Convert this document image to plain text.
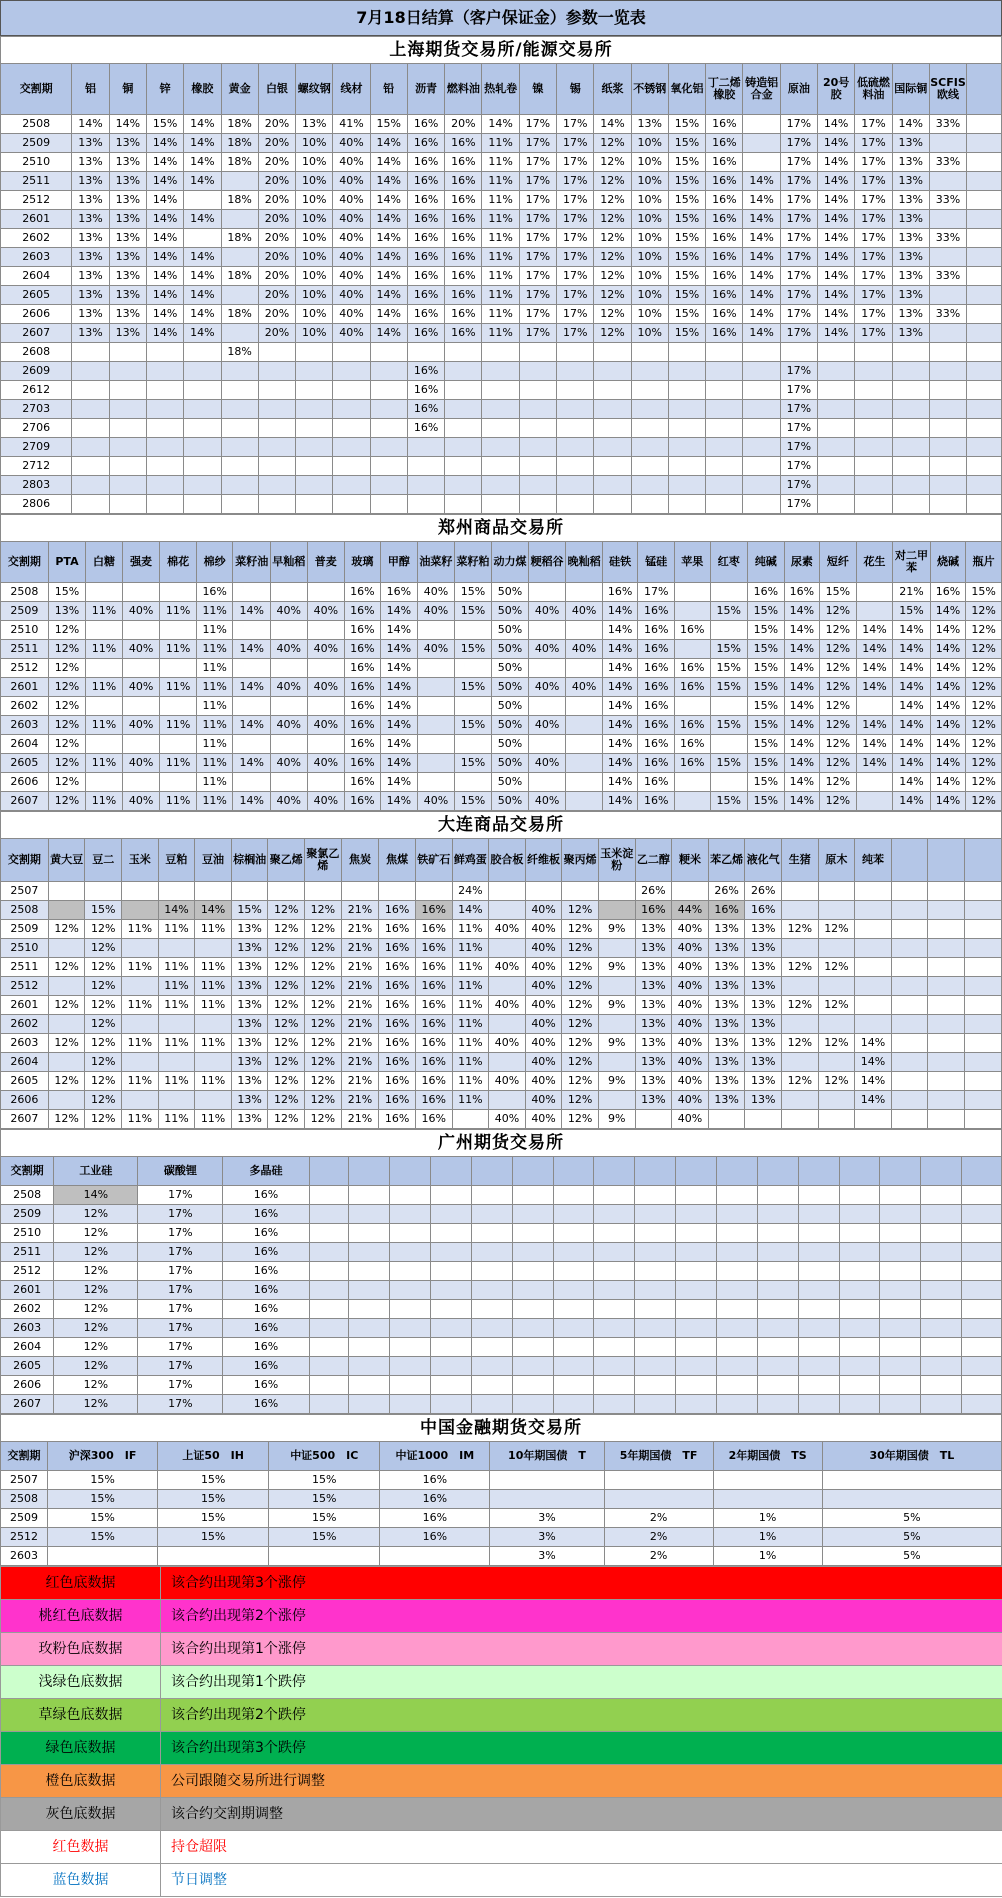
7月18日结算（客户保证金）参数一览表
上海期货交易所/能源交易所																									
交割期	铝	铜	锌	橡胶	黄金	白银	螺纹钢	线材	铅	沥青	燃料油	热轧卷	镍	锡	纸浆	不锈钢	氧化铝	丁二烯橡胶	铸造铝合金	原油	20号胶	低硫燃料油	国际铜	SCFIS欧线	
2508	14%	14%	15%	14%	18%	20%	13%	41%	15%	16%	20%	14%	17%	17%	14%	13%	15%	16%		17%	14%	17%	14%	33%	
2509	13%	13%	14%	14%	18%	20%	10%	40%	14%	16%	16%	11%	17%	17%	12%	10%	15%	16%		17%	14%	17%	13%		
2510	13%	13%	14%	14%	18%	20%	10%	40%	14%	16%	16%	11%	17%	17%	12%	10%	15%	16%		17%	14%	17%	13%	33%	
2511	13%	13%	14%	14%		20%	10%	40%	14%	16%	16%	11%	17%	17%	12%	10%	15%	16%	14%	17%	14%	17%	13%		
2512	13%	13%	14%		18%	20%	10%	40%	14%	16%	16%	11%	17%	17%	12%	10%	15%	16%	14%	17%	14%	17%	13%	33%	
2601	13%	13%	14%	14%		20%	10%	40%	14%	16%	16%	11%	17%	17%	12%	10%	15%	16%	14%	17%	14%	17%	13%		
2602	13%	13%	14%		18%	20%	10%	40%	14%	16%	16%	11%	17%	17%	12%	10%	15%	16%	14%	17%	14%	17%	13%	33%	
2603	13%	13%	14%	14%		20%	10%	40%	14%	16%	16%	11%	17%	17%	12%	10%	15%	16%	14%	17%	14%	17%	13%		
2604	13%	13%	14%	14%	18%	20%	10%	40%	14%	16%	16%	11%	17%	17%	12%	10%	15%	16%	14%	17%	14%	17%	13%	33%	
2605	13%	13%	14%	14%		20%	10%	40%	14%	16%	16%	11%	17%	17%	12%	10%	15%	16%	14%	17%	14%	17%	13%		
2606	13%	13%	14%	14%	18%	20%	10%	40%	14%	16%	16%	11%	17%	17%	12%	10%	15%	16%	14%	17%	14%	17%	13%	33%	
2607	13%	13%	14%	14%		20%	10%	40%	14%	16%	16%	11%	17%	17%	12%	10%	15%	16%	14%	17%	14%	17%	13%		
2608					18%																				
2609										16%										17%					
2612										16%										17%					
2703										16%										17%					
2706										16%										17%					
2709																				17%					
2712																				17%					
2803																				17%					
2806																				17%					
郑州商品交易所																										
交割期	PTA	白糖	强麦	棉花	棉纱	菜籽油	早籼稻	普麦	玻璃	甲醇	油菜籽	菜籽粕	动力煤	粳稻谷	晚籼稻	硅铁	锰硅	苹果	红枣	纯碱	尿素	短纤	花生	对二甲苯	烧碱	瓶片
2508	15%				16%				16%	16%	40%	15%	50%			16%	17%			16%	16%	15%		21%	16%	15%
2509	13%	11%	40%	11%	11%	14%	40%	40%	16%	14%	40%	15%	50%	40%	40%	14%	16%		15%	15%	14%	12%		15%	14%	12%
2510	12%				11%				16%	14%			50%			14%	16%	16%		15%	14%	12%	14%	14%	14%	12%
2511	12%	11%	40%	11%	11%	14%	40%	40%	16%	14%	40%	15%	50%	40%	40%	14%	16%		15%	15%	14%	12%	14%	14%	14%	12%
2512	12%				11%				16%	14%			50%			14%	16%	16%	15%	15%	14%	12%	14%	14%	14%	12%
2601	12%	11%	40%	11%	11%	14%	40%	40%	16%	14%		15%	50%	40%	40%	14%	16%	16%	15%	15%	14%	12%	14%	14%	14%	12%
2602	12%				11%				16%	14%			50%			14%	16%			15%	14%	12%		14%	14%	12%
2603	12%	11%	40%	11%	11%	14%	40%	40%	16%	14%		15%	50%	40%		14%	16%	16%	15%	15%	14%	12%	14%	14%	14%	12%
2604	12%				11%				16%	14%			50%			14%	16%	16%		15%	14%	12%	14%	14%	14%	12%
2605	12%	11%	40%	11%	11%	14%	40%	40%	16%	14%		15%	50%	40%		14%	16%	16%	15%	15%	14%	12%	14%	14%	14%	12%
2606	12%				11%				16%	14%			50%			14%	16%			15%	14%	12%		14%	14%	12%
2607	12%	11%	40%	11%	11%	14%	40%	40%	16%	14%	40%	15%	50%	40%		14%	16%		15%	15%	14%	12%		14%	14%	12%
大连商品交易所																										
交割期	黄大豆	豆二	玉米	豆粕	豆油	棕榈油	聚乙烯	聚氯乙烯	焦炭	焦煤	铁矿石	鲜鸡蛋	胶合板	纤维板	聚丙烯	玉米淀粉	乙二醇	粳米	苯乙烯	液化气	生猪	原木	纯苯			
2507												24%					26%		26%	26%						
2508		15%		14%	14%	15%	12%	12%	21%	16%	16%	14%		40%	12%		16%	44%	16%	16%						
2509	12%	12%	11%	11%	11%	13%	12%	12%	21%	16%	16%	11%	40%	40%	12%	9%	13%	40%	13%	13%	12%	12%				
2510		12%				13%	12%	12%	21%	16%	16%	11%		40%	12%		13%	40%	13%	13%						
2511	12%	12%	11%	11%	11%	13%	12%	12%	21%	16%	16%	11%	40%	40%	12%	9%	13%	40%	13%	13%	12%	12%				
2512		12%		11%	11%	13%	12%	12%	21%	16%	16%	11%		40%	12%		13%	40%	13%	13%						
2601	12%	12%	11%	11%	11%	13%	12%	12%	21%	16%	16%	11%	40%	40%	12%	9%	13%	40%	13%	13%	12%	12%				
2602		12%				13%	12%	12%	21%	16%	16%	11%		40%	12%		13%	40%	13%	13%						
2603	12%	12%	11%	11%	11%	13%	12%	12%	21%	16%	16%	11%	40%	40%	12%	9%	13%	40%	13%	13%	12%	12%	14%			
2604		12%				13%	12%	12%	21%	16%	16%	11%		40%	12%		13%	40%	13%	13%			14%			
2605	12%	12%	11%	11%	11%	13%	12%	12%	21%	16%	16%	11%	40%	40%	12%	9%	13%	40%	13%	13%	12%	12%	14%			
2606		12%				13%	12%	12%	21%	16%	16%	11%		40%	12%		13%	40%	13%	13%			14%			
2607	12%	12%	11%	11%	11%	13%	12%	12%	21%	16%	16%		40%	40%	12%	9%		40%								
广州期货交易所																				
交割期	工业硅	碳酸锂	多晶硅																	
2508	14%	17%	16%																	
2509	12%	17%	16%																	
2510	12%	17%	16%																	
2511	12%	17%	16%																	
2512	12%	17%	16%																	
2601	12%	17%	16%																	
2602	12%	17%	16%																	
2603	12%	17%	16%																	
2604	12%	17%	16%																	
2605	12%	17%	16%																	
2606	12%	17%	16%																	
2607	12%	17%	16%																	
中国金融期货交易所								
交割期	沪深300　IF	上证50　IH	中证500　IC	中证1000　IM	10年期国债　T	5年期国债　TF	2年期国债　TS	30年期国债　TL
2507	15%	15%	15%	16%				
2508	15%	15%	15%	16%				
2509	15%	15%	15%	16%	3%	2%	1%	5%
2512	15%	15%	15%	16%	3%	2%	1%	5%
2603					3%	2%	1%	5%
红色底数据	该合约出现第3个涨停
桃红色底数据	该合约出现第2个涨停
玫粉色底数据	该合约出现第1个涨停
浅绿色底数据	该合约出现第1个跌停
草绿色底数据	该合约出现第2个跌停
绿色底数据	该合约出现第3个跌停
橙色底数据	公司跟随交易所进行调整
灰色底数据	该合约交割期调整
红色数据	持仓超限
蓝色数据	节日调整
